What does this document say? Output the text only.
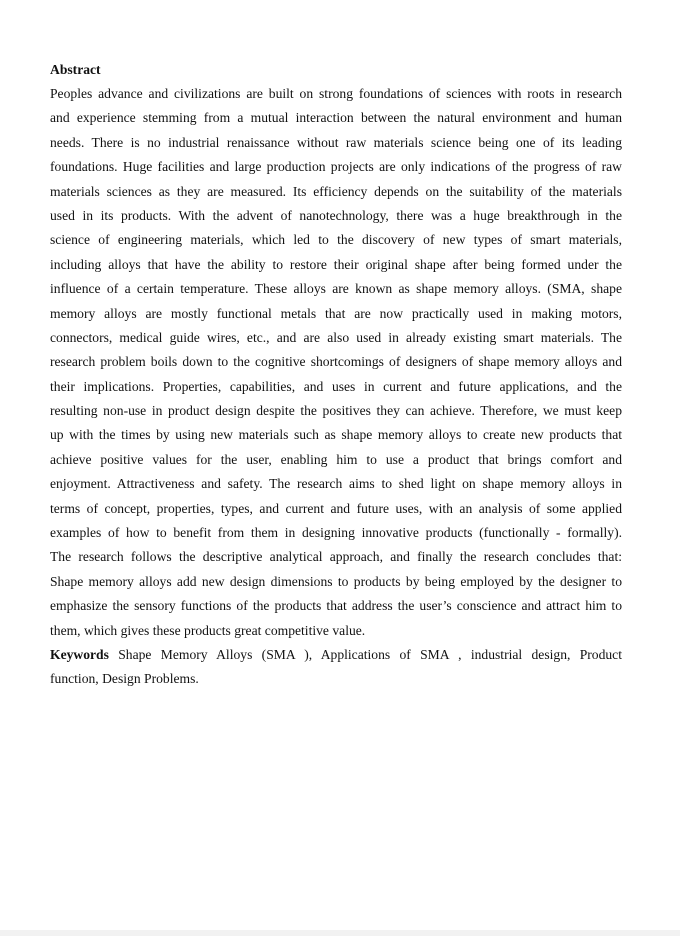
Abstract
Peoples advance and civilizations are built on strong foundations of sciences with roots in research
and experience stemming from a mutual interaction between the natural environment and human
needs. There is no industrial renaissance without raw materials science being one of its leading
foundations. Huge facilities and large production projects are only indications of the progress of raw
materials sciences as they are measured. Its efficiency depends on the suitability of the materials
used in its products. With the advent of nanotechnology, there was a huge breakthrough in the
science of engineering materials, which led to the discovery of new types of smart materials,
including alloys that have the ability to restore their original shape after being formed under the
influence of a certain temperature. These alloys are known as shape memory alloys. (SMA, shape
memory alloys are mostly functional metals that are now practically used in making motors,
connectors, medical guide wires, etc., and are also used in already existing smart materials. The
research problem boils down to the cognitive shortcomings of designers of shape memory alloys and
their implications. Properties, capabilities, and uses in current and future applications, and the
resulting non-use in product design despite the positives they can achieve. Therefore, we must keep
up with the times by using new materials such as shape memory alloys to create new products that
achieve positive values for the user, enabling him to use a product that brings comfort and
enjoyment. Attractiveness and safety. The research aims to shed light on shape memory alloys in
terms of concept, properties, types, and current and future uses, with an analysis of some applied
examples of how to benefit from them in designing innovative products (functionally - formally).
The research follows the descriptive analytical approach, and finally the research concludes that:
Shape memory alloys add new design dimensions to products by being employed by the designer to
emphasize the sensory functions of the products that address the user’s conscience and attract him to
them, which gives these products great competitive value.
Keywords Shape Memory Alloys (SMA ), Applications of SMA , industrial design, Product
function, Design Problems.
